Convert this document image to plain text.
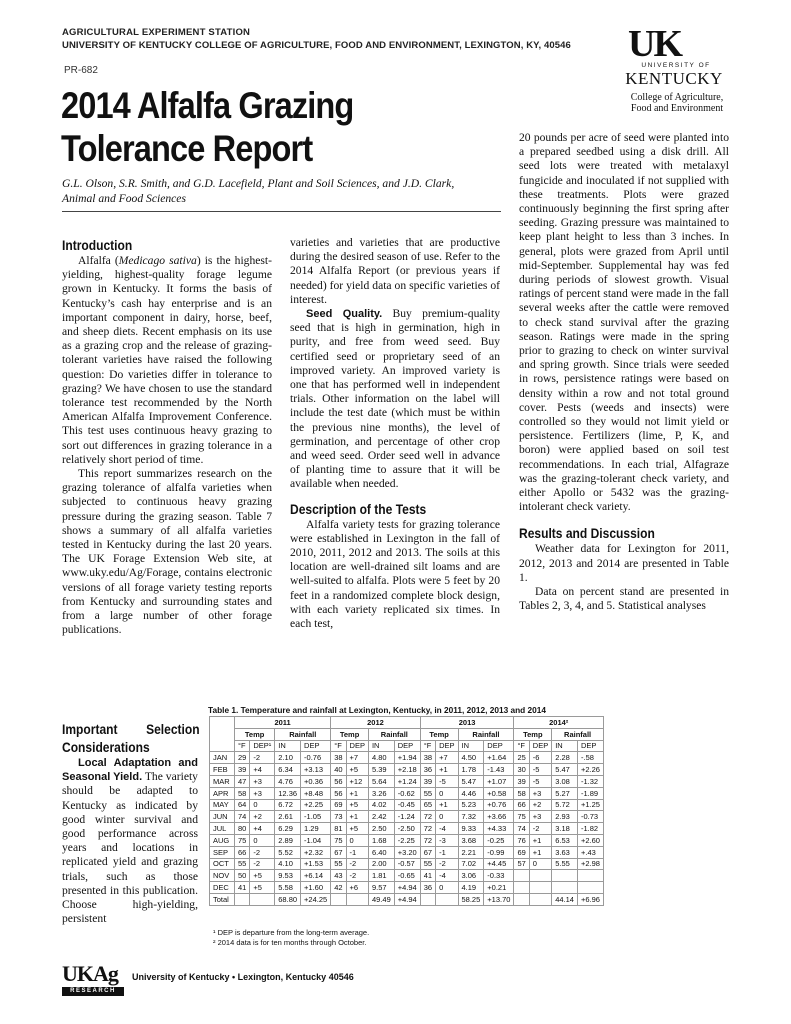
AGRICULTURAL EXPERIMENT STATION
UNIVERSITY OF KENTUCKY COLLEGE OF AGRICULTURE, FOOD AND ENVIRONMENT, LEXINGTON, KY, 40546
PR-682
UK
UNIVERSITY OF
KENTUCKY
College of Agriculture, Food and Environment
2014 Alfalfa Grazing Tolerance Report
G.L. Olson, S.R. Smith, and G.D. Lacefield, Plant and Soil Sciences, and J.D. Clark, Animal and Food Sciences
Introduction

Alfalfa (Medicago sativa) is the highest-yielding, highest-quality forage legume grown in Kentucky. It forms the basis of Kentucky’s cash hay enterprise and is an important component in dairy, horse, beef, and sheep diets. Recent emphasis on its use as a grazing crop and the release of grazing-tolerant varieties have raised the following question: Do varieties differ in tolerance to grazing? We have chosen to use the standard tolerance test recommended by the North American Alfalfa Improvement Conference. This test uses continuous heavy grazing to sort out differences in grazing tolerance in a relatively short period of time.

This report summarizes research on the grazing tolerance of alfalfa varieties when subjected to continuous heavy grazing pressure during the grazing season. Table 7 shows a summary of all alfalfa varieties tested in Kentucky during the last 20 years. The UK Forage Extension Web site, at www.uky.edu/Ag/Forage, contains electronic versions of all forage variety testing reports from Kentucky and surrounding states and from a large number of other forage publications.

Important Selection Considerations

Local Adaptation and Seasonal Yield. The variety should be adapted to Kentucky as indicated by good winter survival and good performance across years and locations in replicated yield and grazing trials, such as those presented in this publication. Choose high-yielding, persistent

varieties and varieties that are productive during the desired season of use. Refer to the 2014 Alfalfa Report (or previous years if needed) for yield data on specific varieties of interest.

Seed Quality. Buy premium-quality seed that is high in germination, high in purity, and free from weed seed. Buy certified seed or proprietary seed of an improved variety. An improved variety is one that has performed well in independent trials. Other information on the label will include the test date (which must be within the previous nine months), the level of germination, and percentage of other crop and weed seed. Order seed well in advance of planting time to assure that it will be available when needed.

Description of the Tests

Alfalfa variety tests for grazing tolerance were established in Lexington in the fall of 2010, 2011, 2012 and 2013. The soils at this location are well-drained silt loams and are well-suited to alfalfa. Plots were 5 feet by 20 feet in a randomized complete block design, with each variety replicated six times. In each test,

20 pounds per acre of seed were planted into a prepared seedbed using a disk drill. All seed lots were treated with metalaxyl fungicide and inoculated if not supplied with these treatments. Plots were grazed continuously beginning the first spring after seeding. Grazing pressure was maintained to keep plant height to less than 3 inches. In general, plots were grazed from April until mid-September. Supplemental hay was fed during periods of slowest growth. Visual ratings of percent stand were made in the fall several weeks after the cattle were removed to check stand survival after the grazing season. Ratings were made in the spring prior to grazing to check on winter survival and spring growth. Since trials were seeded in rows, persistence ratings were based on density within a row and not total ground cover. Pests (weeds and insects) were controlled so they would not limit yield or persistence. Fertilizers (lime, P, K, and boron) were applied based on soil test recommendations. In each trial, Alfagraze was the grazing-tolerant check variety, and either Apollo or 5432 was the grazing-intolerant check variety.

Results and Discussion

Weather data for Lexington for 2011, 2012, 2013 and 2014 are presented in Table 1.

Data on percent stand are presented in Tables 2, 3, 4, and 5. Statistical analyses

Table 1. Temperature and rainfall at Lexington, Kentucky, in 2011, 2012, 2013 and 2014
	2011				2012				2013				2014²			
	Temp		Rainfall		Temp		Rainfall		Temp		Rainfall		Temp		Rainfall	
	°F	DEP¹	IN	DEP	°F	DEP	IN	DEP	°F	DEP	IN	DEP	°F	DEP	IN	DEP
JAN	29	-2	2.10	-0.76	38	+7	4.80	+1.94	38	+7	4.50	+1.64	25	-6	2.28	-.58
FEB	39	+4	6.34	+3.13	40	+5	5.39	+2.18	36	+1	1.78	-1.43	30	-5	5.47	+2.26
MAR	47	+3	4.76	+0.36	56	+12	5.64	+1.24	39	-5	5.47	+1.07	39	-5	3.08	-1.32
APR	58	+3	12.36	+8.48	56	+1	3.26	-0.62	55	0	4.46	+0.58	58	+3	5.27	-1.89
MAY	64	0	6.72	+2.25	69	+5	4.02	-0.45	65	+1	5.23	+0.76	66	+2	5.72	+1.25
JUN	74	+2	2.61	-1.05	73	+1	2.42	-1.24	72	0	7.32	+3.66	75	+3	2.93	-0.73
JUL	80	+4	6.29	1.29	81	+5	2.50	-2.50	72	-4	9.33	+4.33	74	-2	3.18	-1.82
AUG	75	0	2.89	-1.04	75	0	1.68	-2.25	72	-3	3.68	-0.25	76	+1	6.53	+2.60
SEP	66	-2	5.52	+2.32	67	-1	6.40	+3.20	67	-1	2.21	-0.99	69	+1	3.63	+.43
OCT	55	-2	4.10	+1.53	55	-2	2.00	-0.57	55	-2	7.02	+4.45	57	0	5.55	+2.98
NOV	50	+5	9.53	+6.14	43	-2	1.81	-0.65	41	-4	3.06	-0.33				
DEC	41	+5	5.58	+1.60	42	+6	9.57	+4.94	36	0	4.19	+0.21				
Total			68.80	+24.25			49.49	+4.94			58.25	+13.70			44.14	+6.96
¹ DEP is departure from the long-term average.
² 2014 data is for ten months through October.
UKAg
RESEARCH
University of Kentucky • Lexington, Kentucky 40546
